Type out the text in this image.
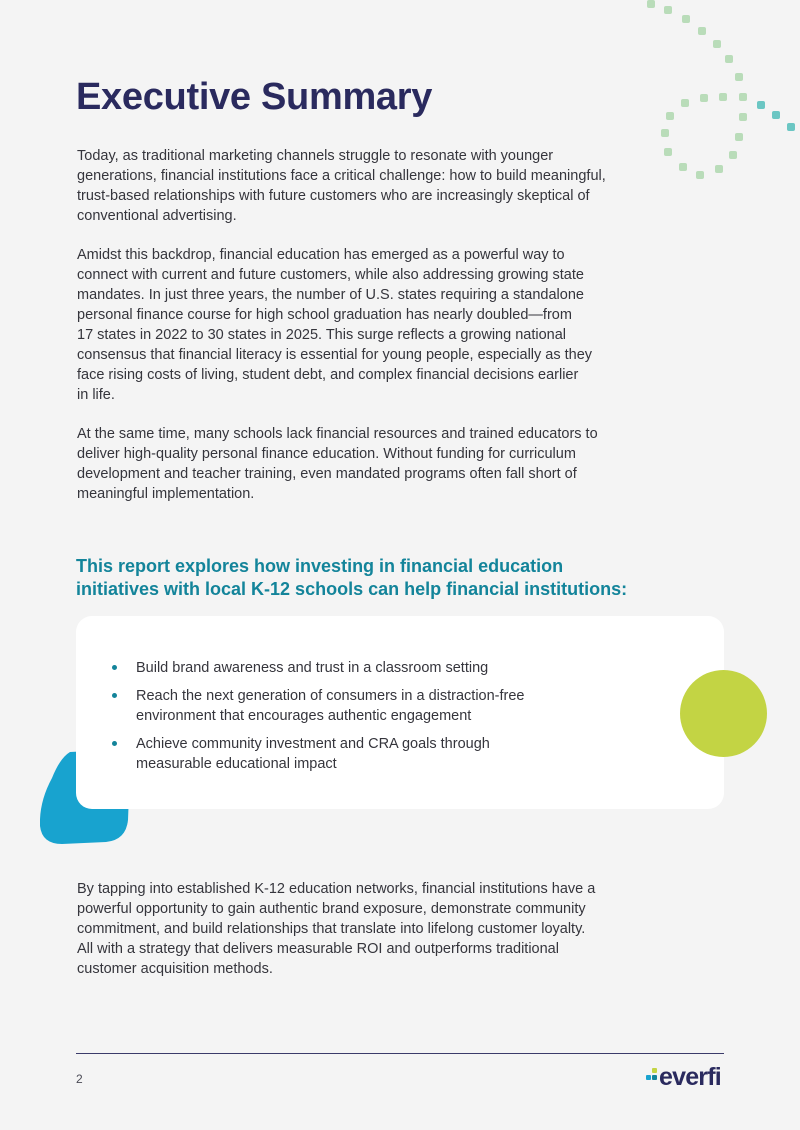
Executive Summary

Today, as traditional marketing channels struggle to resonate with younger
generations, financial institutions face a critical challenge: how to build meaningful,
trust-based relationships with future customers who are increasingly skeptical of
conventional advertising.

Amidst this backdrop, financial education has emerged as a powerful way to
connect with current and future customers, while also addressing growing state
mandates. In just three years, the number of U.S. states requiring a standalone
personal finance course for high school graduation has nearly doubled—from
17 states in 2022 to 30 states in 2025. This surge reflects a growing national
consensus that financial literacy is essential for young people, especially as they
face rising costs of living, student debt, and complex financial decisions earlier
in life.

At the same time, many schools lack financial resources and trained educators to
deliver high-quality personal finance education. Without funding for curriculum
development and teacher training, even mandated programs often fall short of
meaningful implementation.

This report explores how investing in financial education
initiatives with local K-12 schools can help financial institutions:
Build brand awareness and trust in a classroom setting
Reach the next generation of consumers in a distraction-free
environment that encourages authentic engagement
Achieve community investment and CRA goals through
measurable educational impact

By tapping into established K-12 education networks, financial institutions have a
powerful opportunity to gain authentic brand exposure, demonstrate community
commitment, and build relationships that translate into lifelong customer loyalty.
All with a strategy that delivers measurable ROI and outperforms traditional
customer acquisition methods.

2	everfi
